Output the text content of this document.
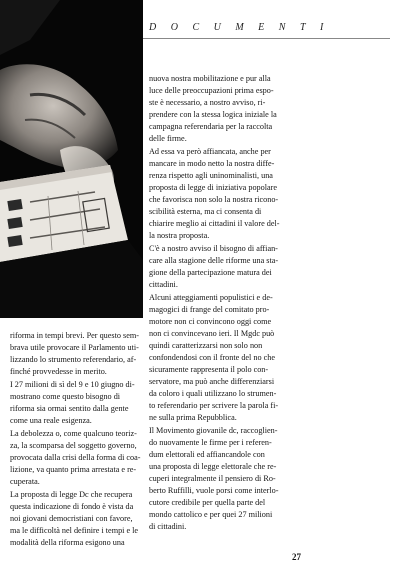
DOCUMENTI

nuova nostra mobilitazione e pur alla
luce delle preoccupazioni prima espo-
ste è necessario, a nostro avviso, ri-
prendere con la stessa logica iniziale la
campagna referendaria per la raccolta
delle firme.

Ad essa va però affiancata, anche per
mancare in modo netto la nostra diffe-
renza rispetto agli uninominalisti, una
proposta di legge di iniziativa popolare
che favorisca non solo la nostra ricono-
scibilità esterna, ma ci consenta di
chiarire meglio ai cittadini il valore del-
la nostra proposta.

C'è a nostro avviso il bisogno di affian-
care alla stagione delle riforme una sta-
gione della partecipazione matura dei
cittadini.

Alcuni atteggiamenti populistici e de-
magogici di frange del comitato pro-
motore non ci convincono oggi come
non ci convincevano ieri. Il Mgdc può
quindi caratterizzarsi non solo non
confondendosi con il fronte del no che
sicuramente rappresenta il polo con-
servatore, ma può anche differenziarsi
da coloro i quali utilizzano lo strumen-
to referendario per scrivere la parola fi-
ne sulla prima Repubblica.

Il Movimento giovanile dc, raccoglien-
do nuovamente le firme per i referen-
dum elettorali ed affiancandole con
una proposta di legge elettorale che re-
cuperi integralmente il pensiero di Ro-
berto Ruffilli, vuole porsi come interlo-
cutore credibile per quella parte del
mondo cattolico e per quei 27 milioni
di cittadini.

riforma in tempi brevi. Per questo sem-
brava utile provocare il Parlamento uti-
lizzando lo strumento referendario, af-
finché provvedesse in merito.

I 27 milioni di sì del 9 e 10 giugno di-
mostrano come questo bisogno di
riforma sia ormai sentito dalla gente
come una reale esigenza.

La debolezza o, come qualcuno teoriz-
za, la scomparsa del soggetto governo,
provocata dalla crisi della forma di coa-
lizione, va quanto prima arrestata e re-
cuperata.

La proposta di legge Dc che recupera
questa indicazione di fondo è vista da
noi giovani democristiani con favore,
ma le difficoltà nel definire i tempi e le
modalità della riforma esigono una

27
